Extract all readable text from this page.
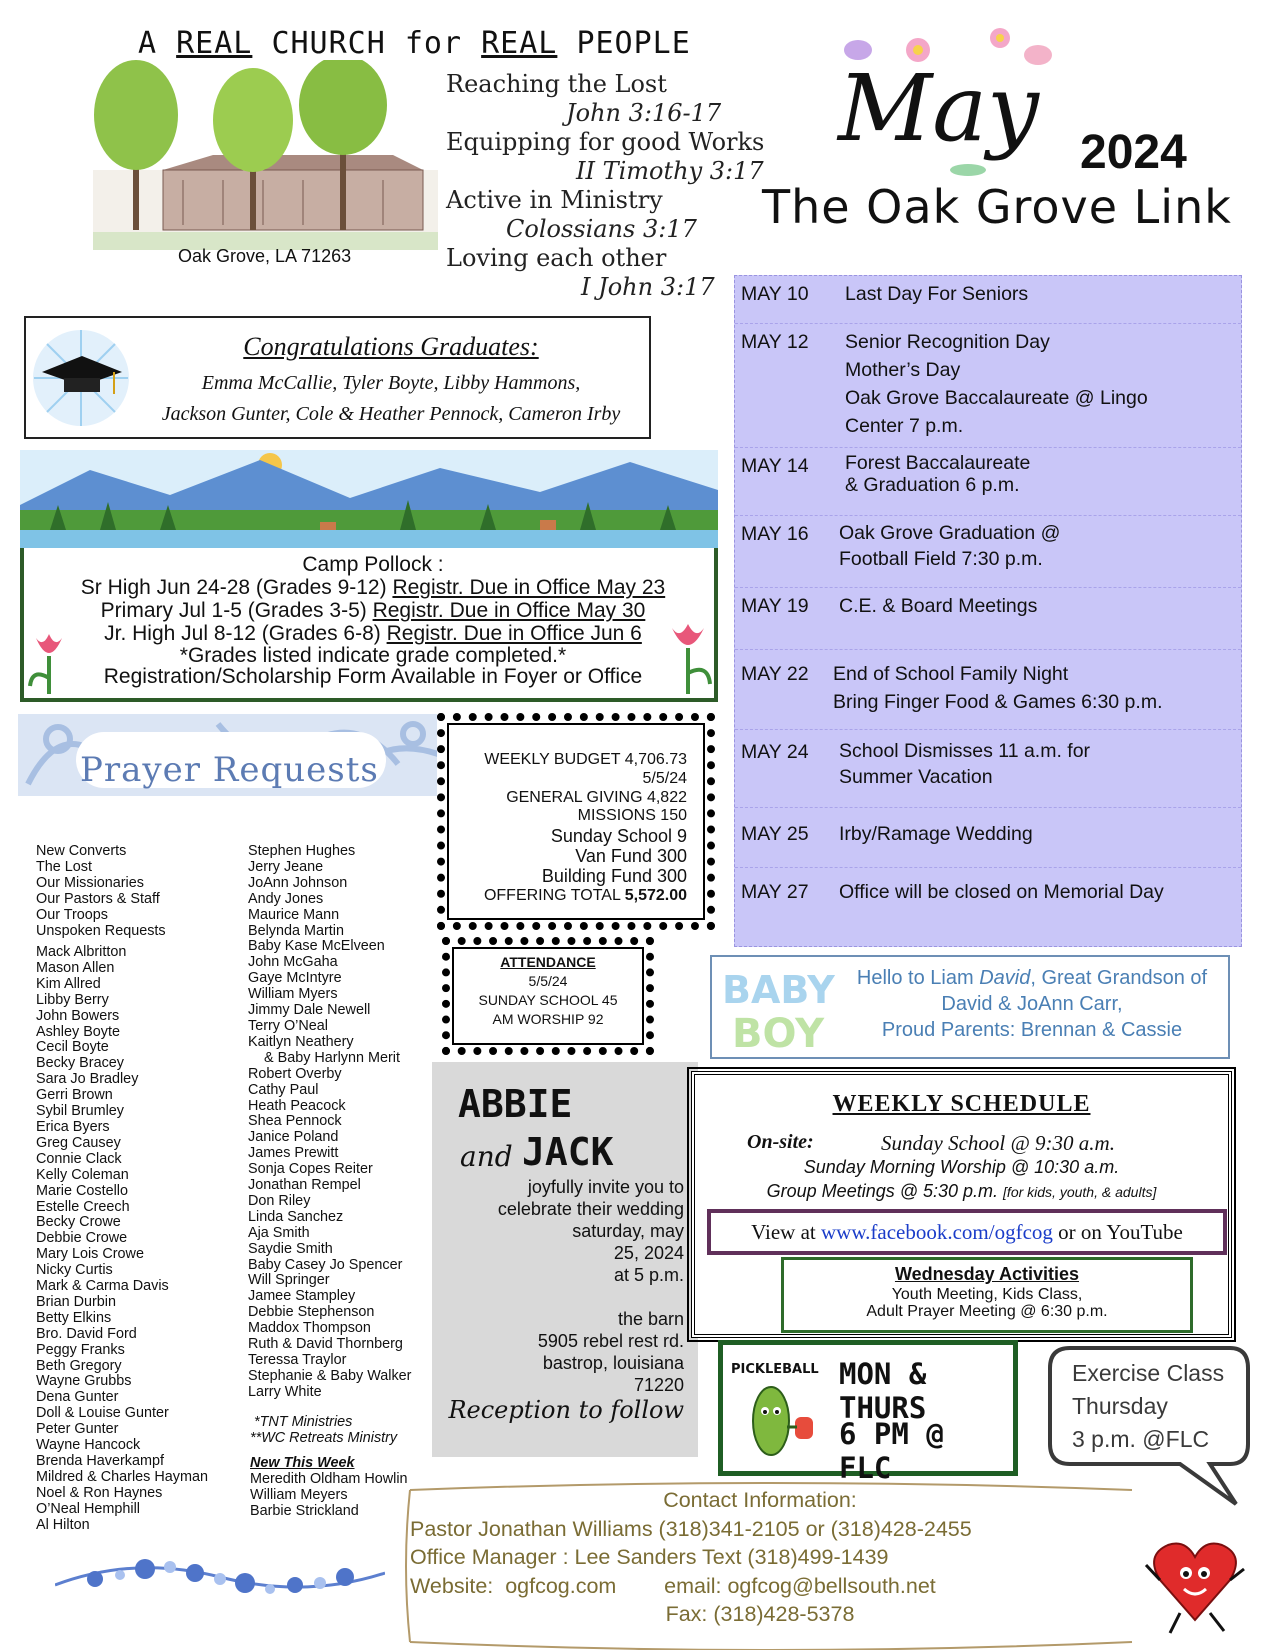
A REAL CHURCH for REAL PEOPLE
Oak Grove, LA 71263
Reaching the Lost
John 3:16-17
Equipping for good Works
II Timothy 3:17
Active in Ministry
Colossians 3:17
Loving each other
I John 3:17
May 2024
The Oak Grove Link
Congratulations Graduates:
Emma McCallie, Tyler Boyte, Libby Hammons,
Jackson Gunter, Cole & Heather Pennock, Cameron Irby
Camp Pollock :
Sr High Jun 24-28 (Grades 9-12) Registr. Due in Office May 23
Primary Jul 1-5 (Grades 3-5) Registr. Due in Office May 30
Jr. High Jul 8-12 (Grades 6-8) Registr. Due in Office Jun 6
*Grades listed indicate grade completed.*
Registration/Scholarship Form Available in Foyer or Office
MAY 10	Last Day For Seniors
MAY 12	Senior Recognition Day
Mother’s Day
Oak Grove Baccalaureate @ Lingo
Center 7 p.m.
MAY 14	Forest Baccalaureate
& Graduation 6 p.m.
MAY 16	Oak Grove Graduation @
Football Field 7:30 p.m.
MAY 19	C.E. & Board Meetings
MAY 22	End of School Family Night
Bring Finger Food & Games 6:30 p.m.
MAY 24	School Dismisses 11 a.m. for
Summer Vacation
MAY 25	Irby/Ramage Wedding
MAY 27	Office will be closed on Memorial Day
Prayer Requests
New Converts
The Lost
Our Missionaries
Our Pastors & Staff
Our Troops
Unspoken Requests
Mack Albritton
Mason Allen
Kim Allred
Libby Berry
John Bowers
Ashley Boyte
Cecil Boyte
Becky Bracey
Sara Jo Bradley
Gerri Brown
Sybil Brumley
Erica Byers
Greg Causey
Connie Clack
Kelly Coleman
Marie Costello
Estelle Creech
Becky Crowe
Debbie Crowe
Mary Lois Crowe
Nicky Curtis
Mark & Carma Davis
Brian Durbin
Betty Elkins
Bro. David Ford
Peggy Franks
Beth Gregory
Wayne Grubbs
Dena Gunter
Doll & Louise Gunter
Peter Gunter
Wayne Hancock
Brenda Haverkampf
Mildred & Charles Hayman
Noel & Ron Haynes
O’Neal Hemphill
Al Hilton
Stephen Hughes
Jerry Jeane
JoAnn Johnson
Andy Jones
Maurice Mann
Belynda Martin
Baby Kase McElveen
John McGaha
Gaye McIntyre
William Myers
Jimmy Dale Newell
Terry O’Neal
Kaitlyn Neathery
& Baby Harlynn Merit
Robert Overby
Cathy Paul
Heath Peacock
Shea Pennock
Janice Poland
James Prewitt
Sonja Copes Reiter
Jonathan Rempel
Don Riley
Linda Sanchez
Aja Smith
Saydie Smith
Baby Casey Jo Spencer
Will Springer
Jamee Stampley
Debbie Stephenson
Maddox Thompson
Ruth & David Thornberg
Teressa Traylor
Stephanie & Baby Walker
Larry White
*TNT Ministries
**WC Retreats Ministry
New This Week
Meredith Oldham Howlin
William Meyers
Barbie Strickland
WEEKLY BUDGET 4,706.73
5/5/24
GENERAL GIVING 4,822
MISSIONS 150
Sunday School 9
Van Fund 300
Building Fund 300
OFFERING TOTAL 5,572.00
ATTENDANCE
5/5/24
SUNDAY SCHOOL 45
AM WORSHIP 92
ABBIE
and JACK
joyfully invite you to
celebrate their wedding
saturday, may
25, 2024
at 5 p.m.

the barn
5905 rebel rest rd.
bastrop, louisiana
71220
Reception to follow
BABY
BOY
Hello to Liam David, Great Grandson of
David & JoAnn Carr,
Proud Parents: Brennan & Cassie
WEEKLY SCHEDULE
On-site:	Sunday School @ 9:30 a.m.
Sunday Morning Worship @ 10:30 a.m.
Group Meetings @ 5:30 p.m. [for kids, youth, & adults]
View at www.facebook.com/ogfcog or on YouTube
Wednesday Activities
Youth Meeting, Kids Class,
Adult Prayer Meeting @ 6:30 p.m.
PICKLEBALL MON & THURS
6 PM @ FLC
Exercise Class
Thursday
3 p.m. @FLC
Contact Information:
Pastor Jonathan Williams (318)341-2105 or (318)428-2455
Office Manager : Lee Sanders Text (318)499-1439
Website:  ogfcog.com        email: ogfcog@bellsouth.net
Fax: (318)428-5378
